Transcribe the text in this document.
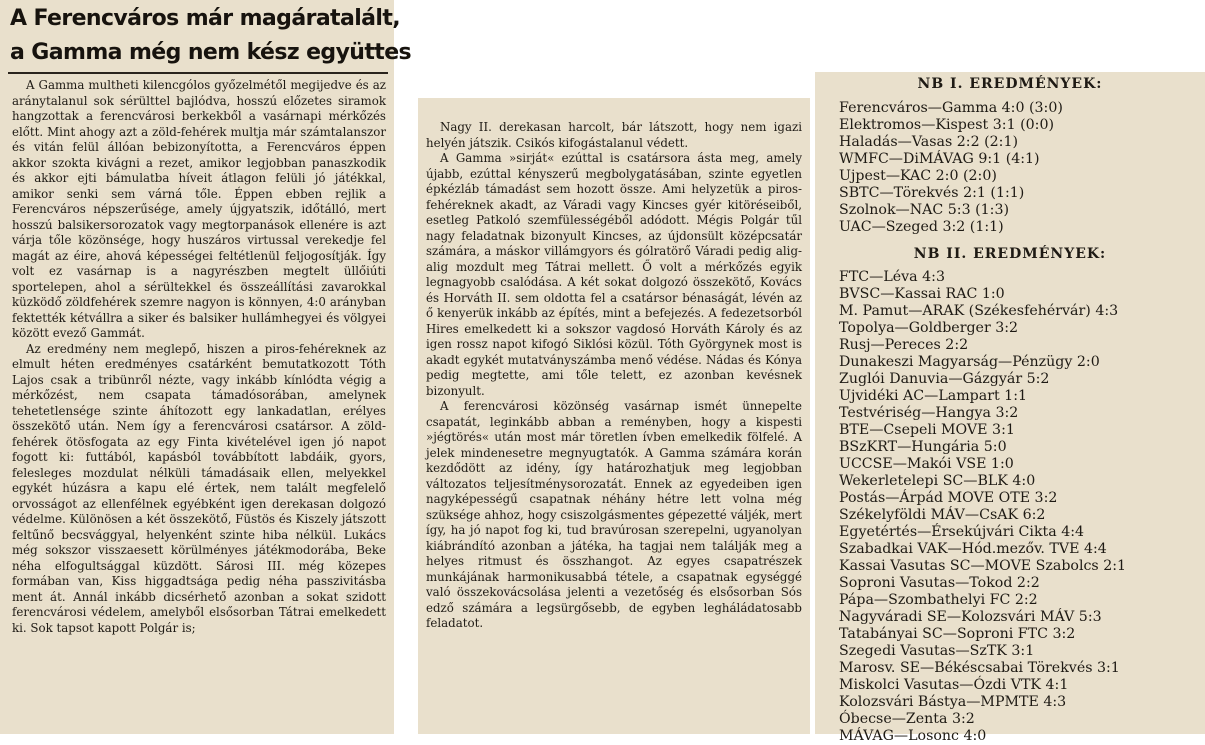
A Ferencváros már magáratalált,
a Gamma még nem kész együttes

A Gamma multheti kilencgólos győzelmétől megijedve és az aránytalanul sok sérülttel bajlódva, hosszú előzetes siramok hangzottak a ferencvárosi berkekből a vasárnapi mérkőzés előtt. Mint ahogy azt a zöld-fehérek multja már számtalanszor és vitán felül állóan bebizonyította, a Ferencváros éppen akkor szokta kivágni a rezet, amikor legjobban panaszkodik és akkor ejti bámulatba híveit átlagon felüli jó játékkal, amikor senki sem várná tőle. Éppen ebben rejlik a Ferencváros népszerűsége, amely újgyatszik, időtálló, mert hosszú balsikersorozatok vagy megtorpanások ellenére is azt várja tőle közönsége, hogy huszáros virtussal verekedje fel magát az éire, ahová képességei feltétlenül feljogosítják. Így volt ez vasárnap is a nagyrészben megtelt üllőiúti sportelepen, ahol a sérültekkel és összeállítási zavarokkal küzködő zöldfehérek szemre nagyon is könnyen, 4:0 arányban fektették kétvállra a siker és balsiker hullámhegyei és völgyei között evező Gammát.

Az eredmény nem meglepő, hiszen a piros-fehéreknek az elmult héten eredményes csatárként bemutatkozott Tóth Lajos csak a tribünről nézte, vagy inkább kínlódta végig a mérkőzést, nem csapata támadósorában, amelynek tehetetlensége szinte áhítozott egy lankadatlan, erélyes összekötő után. Nem így a ferencvárosi csatársor. A zöld-fehérek ötösfogata az egy Finta kivételével igen jó napot fogott ki: futtából, kapásból továbbított labdáik, gyors, felesleges mozdulat nélküli támadásaik ellen, melyekkel egykét húzásra a kapu elé értek, nem talált megfelelő orvosságot az ellenfélnek egyébként igen derekasan dolgozó védelme. Különösen a két összekötő, Füstös és Kiszely játszott feltűnő becsvággyal, helyenként szinte hiba nélkül. Lukács még sokszor visszaesett körülményes játékmodorába, Beke néha elfogultsággal küzdött. Sárosi III. még közepes formában van, Kiss higgadtsága pedig néha passzivitásba ment át. Annál inkább dicsérhető azonban a sokat szidott ferencvárosi védelem, amelyből elsősorban Tátrai emelkedett ki. Sok tapsot kapott Polgár is;

Nagy II. derekasan harcolt, bár látszott, hogy nem igazi helyén játszik. Csikós kifogástalanul védett.

A Gamma »sirját« ezúttal is csatársora ásta meg, amely újabb, ezúttal kényszerű megbolygatásában, szinte egyetlen épkézláb támadást sem hozott össze. Ami helyzetük a piros-fehéreknek akadt, az Váradi vagy Kincses gyér kitöréseiből, esetleg Patkoló szemfülességéből adódott. Mégis Polgár tűl nagy feladatnak bizonyult Kincses, az újdonsült középcsatár számára, a máskor villámgyors és gólratörő Váradi pedig alig-alig mozdult meg Tátrai mellett. Ő volt a mérkőzés egyik legnagyobb csalódása. A két sokat dolgozó összekötő, Kovács és Horváth II. sem oldotta fel a csatársor bénaságát, lévén az ő kenyerük inkább az építés, mint a befejezés. A fedezetsorból Hires emelkedett ki a sokszor vagdosó Horváth Károly és az igen rossz napot kifogó Siklósi közül. Tóth Györgynek most is akadt egykét mutatványszámba menő védése. Nádas és Kónya pedig megtette, ami tőle telett, ez azonban kevésnek bizonyult.

A ferencvárosi közönség vasárnap ismét ünnepelte csapatát, leginkább abban a reményben, hogy a kispesti »jégtörés« után most már töretlen ívben emelkedik fölfelé. A jelek mindenesetre megnyugtatók. A Gamma számára korán kezdődött az idény, így határozhatjuk meg legjobban változatos teljesítménysorozatát. Ennek az egyedeiben igen nagyképességű csapatnak néhány hétre lett volna még szüksége ahhoz, hogy csiszolgásmentes gépezetté váljék, mert így, ha jó napot fog ki, tud bravúrosan szerepelni, ugyanolyan kiábrándító azonban a játéka, ha tagjai nem találják meg a helyes ritmust és összhangot. Az egyes csapatrészek munkájának harmonikusabbá tétele, a csapatnak egységgé való összekovácsolása jelenti a vezetőség és elsősorban Sós edző számára a legsürgősebb, de egyben legháládatosabb feladatot.

NB I. EREDMÉNYEK:
Ferencváros—Gamma 4:0 (3:0)
Elektromos—Kispest 3:1 (0:0)
Haladás—Vasas 2:2 (2:1)
WMFC—DiMÁVAG 9:1 (4:1)
Ujpest—KAC 2:0 (2:0)
SBTC—Törekvés 2:1 (1:1)
Szolnok—NAC 5:3 (1:3)
UAC—Szeged 3:2 (1:1)
NB II. EREDMÉNYEK:
FTC—Léva 4:3
BVSC—Kassai RAC 1:0
M. Pamut—ARAK (Székesfehérvár) 4:3
Topolya—Goldberger 3:2
Rusj—Pereces 2:2
Dunakeszi Magyarság—Pénzügy 2:0
Zuglói Danuvia—Gázgyár 5:2
Ujvidéki AC—Lampart 1:1
Testvériség—Hangya 3:2
BTE—Csepeli MOVE 3:1
BSzKRT—Hungária 5:0
UCCSE—Makói VSE 1:0
Wekerletelepi SC—BLK 4:0
Postás—Árpád MOVE OTE 3:2
Székelyföldi MÁV—CsAK 6:2
Egyetértés—Érsekújvári Cikta 4:4
Szabadkai VAK—Hód.mezőv. TVE 4:4
Kassai Vasutas SC—MOVE Szabolcs 2:1
Soproni Vasutas—Tokod 2:2
Pápa—Szombathelyi FC 2:2
Nagyváradi SE—Kolozsvári MÁV 5:3
Tatabányai SC—Soproni FTC 3:2
Szegedi Vasutas—SzTK 3:1
Marosv. SE—Békéscsabai Törekvés 3:1
Miskolci Vasutas—Ózdi VTK 4:1
Kolozsvári Bástya—MPMTE 4:3
Óbecse—Zenta 3:2
MÁVAG—Losonc 4:0
